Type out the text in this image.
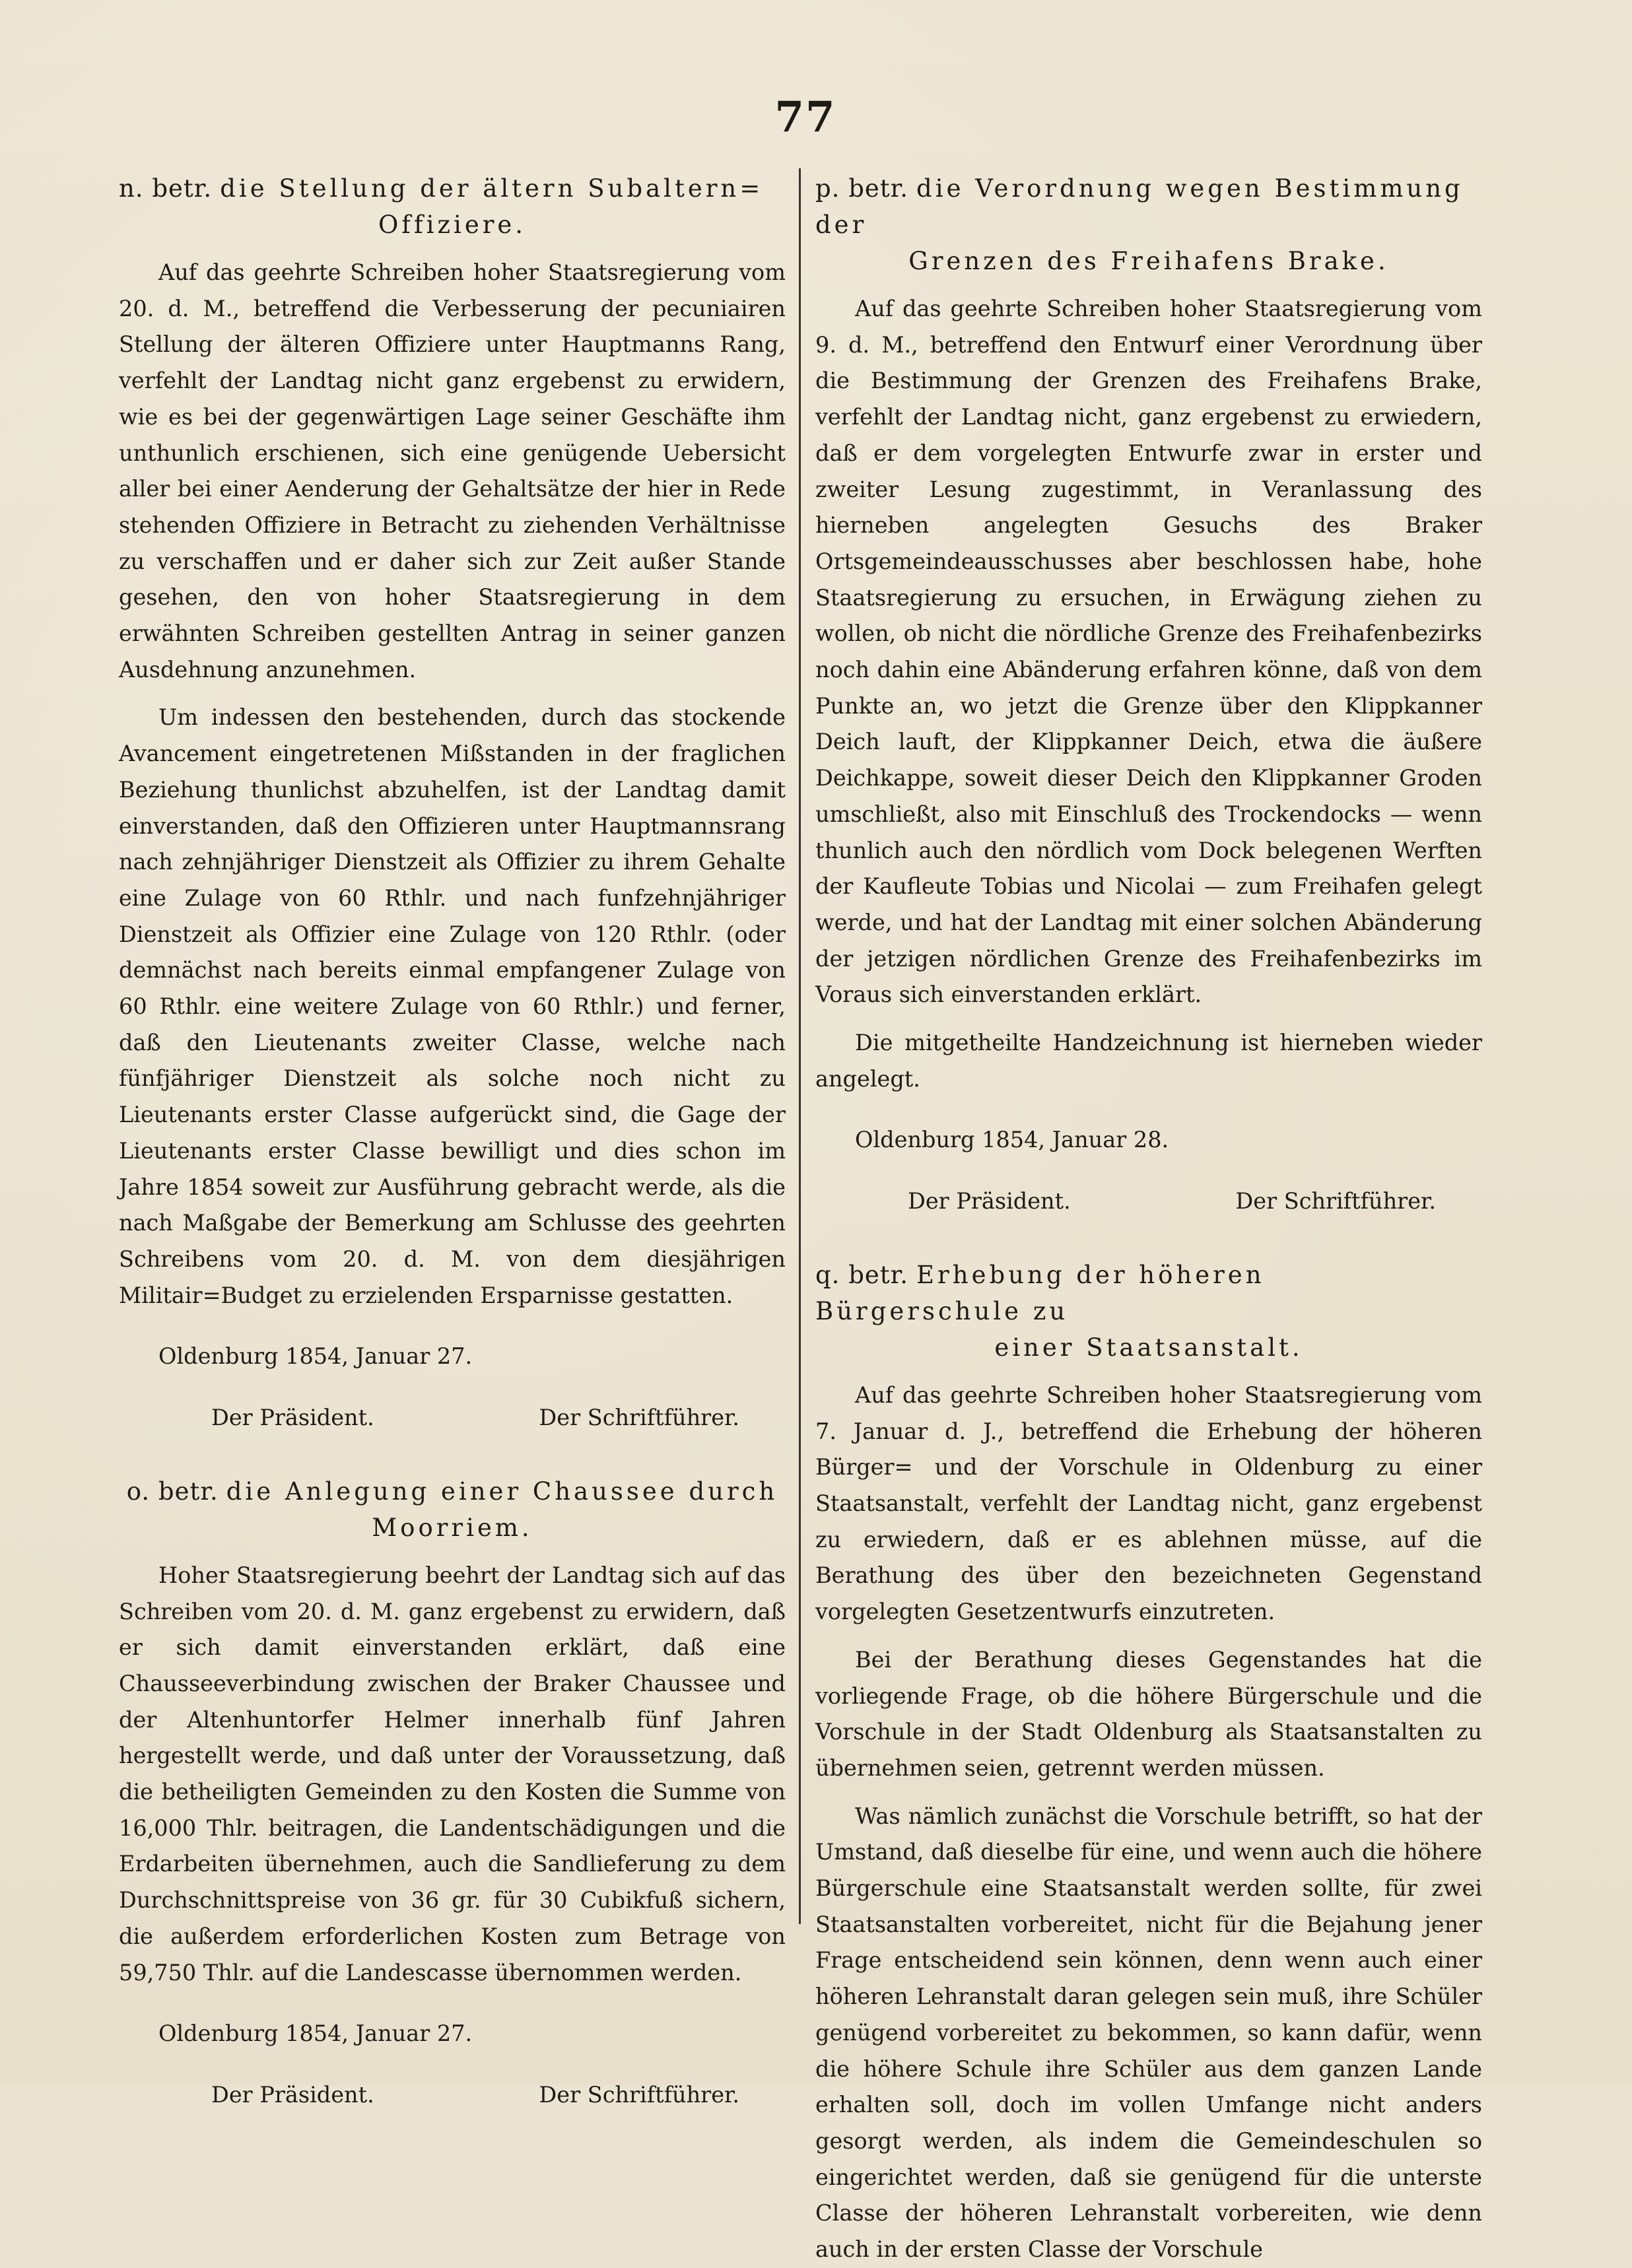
77
n. betr. die Stellung der ältern Subaltern=
Offiziere.

Auf das geehrte Schreiben hoher Staatsregierung vom 20. d. M., betreffend die Verbesserung der pecuniairen Stellung der älteren Offiziere unter Hauptmanns Rang, verfehlt der Landtag nicht ganz ergebenst zu erwidern, wie es bei der gegenwärtigen Lage seiner Geschäfte ihm unthunlich erschienen, sich eine genügende Uebersicht aller bei einer Aenderung der Gehaltsätze der hier in Rede stehenden Offiziere in Betracht zu ziehenden Verhältnisse zu verschaffen und er daher sich zur Zeit außer Stande gesehen, den von hoher Staatsregierung in dem erwähnten Schreiben gestellten Antrag in seiner ganzen Ausdehnung anzunehmen.

Um indessen den bestehenden, durch das stockende Avancement eingetretenen Mißstanden in der fraglichen Beziehung thunlichst abzuhelfen, ist der Landtag damit einverstanden, daß den Offizieren unter Hauptmannsrang nach zehnjähriger Dienstzeit als Offizier zu ihrem Gehalte eine Zulage von 60 Rthlr. und nach funfzehnjähriger Dienstzeit als Offizier eine Zulage von 120 Rthlr. (oder demnächst nach bereits einmal empfangener Zulage von 60 Rthlr. eine weitere Zulage von 60 Rthlr.) und ferner, daß den Lieutenants zweiter Classe, welche nach fünfjähriger Dienstzeit als solche noch nicht zu Lieutenants erster Classe aufgerückt sind, die Gage der Lieutenants erster Classe bewilligt und dies schon im Jahre 1854 soweit zur Ausführung gebracht werde, als die nach Maßgabe der Bemerkung am Schlusse des geehrten Schreibens vom 20. d. M. von dem diesjährigen Militair=Budget zu erzielenden Ersparnisse gestatten.

Oldenburg 1854, Januar 27.

Der Präsident.	Der Schriftführer.
o. betr. die Anlegung einer Chaussee durch
Moorriem.

Hoher Staatsregierung beehrt der Landtag sich auf das Schreiben vom 20. d. M. ganz ergebenst zu erwidern, daß er sich damit einverstanden erklärt, daß eine Chausseeverbindung zwischen der Braker Chaussee und der Altenhuntorfer Helmer innerhalb fünf Jahren hergestellt werde, und daß unter der Voraussetzung, daß die betheiligten Gemeinden zu den Kosten die Summe von 16,000 Thlr. beitragen, die Landentschädigungen und die Erdarbeiten übernehmen, auch die Sandlieferung zu dem Durchschnittspreise von 36 gr. für 30 Cubikfuß sichern, die außerdem erforderlichen Kosten zum Betrage von 59,750 Thlr. auf die Landescasse übernommen werden.

Oldenburg 1854, Januar 27.

Der Präsident.	Der Schriftführer.
p. betr. die Verordnung wegen Bestimmung der
Grenzen des Freihafens Brake.

Auf das geehrte Schreiben hoher Staatsregierung vom 9. d. M., betreffend den Entwurf einer Verordnung über die Bestimmung der Grenzen des Freihafens Brake, verfehlt der Landtag nicht, ganz ergebenst zu erwiedern, daß er dem vorgelegten Entwurfe zwar in erster und zweiter Lesung zugestimmt, in Veranlassung des hierneben angelegten Gesuchs des Braker Ortsgemeindeausschusses aber beschlossen habe, hohe Staatsregierung zu ersuchen, in Erwägung ziehen zu wollen, ob nicht die nördliche Grenze des Freihafenbezirks noch dahin eine Abänderung erfahren könne, daß von dem Punkte an, wo jetzt die Grenze über den Klippkanner Deich lauft, der Klippkanner Deich, etwa die äußere Deichkappe, soweit dieser Deich den Klippkanner Groden umschließt, also mit Einschluß des Trockendocks — wenn thunlich auch den nördlich vom Dock belegenen Werften der Kaufleute Tobias und Nicolai — zum Freihafen gelegt werde, und hat der Landtag mit einer solchen Abänderung der jetzigen nördlichen Grenze des Freihafenbezirks im Voraus sich einverstanden erklärt.

Die mitgetheilte Handzeichnung ist hierneben wieder angelegt.

Oldenburg 1854, Januar 28.

Der Präsident.	Der Schriftführer.
q. betr. Erhebung der höheren Bürgerschule zu
einer Staatsanstalt.

Auf das geehrte Schreiben hoher Staatsregierung vom 7. Januar d. J., betreffend die Erhebung der höheren Bürger= und der Vorschule in Oldenburg zu einer Staatsanstalt, verfehlt der Landtag nicht, ganz ergebenst zu erwiedern, daß er es ablehnen müsse, auf die Berathung des über den bezeichneten Gegenstand vorgelegten Gesetzentwurfs einzutreten.

Bei der Berathung dieses Gegenstandes hat die vorliegende Frage, ob die höhere Bürgerschule und die Vorschule in der Stadt Oldenburg als Staatsanstalten zu übernehmen seien, getrennt werden müssen.

Was nämlich zunächst die Vorschule betrifft, so hat der Umstand, daß dieselbe für eine, und wenn auch die höhere Bürgerschule eine Staatsanstalt werden sollte, für zwei Staatsanstalten vorbereitet, nicht für die Bejahung jener Frage entscheidend sein können, denn wenn auch einer höheren Lehranstalt daran gelegen sein muß, ihre Schüler genügend vorbereitet zu bekommen, so kann dafür, wenn die höhere Schule ihre Schüler aus dem ganzen Lande erhalten soll, doch im vollen Umfange nicht anders gesorgt werden, als indem die Gemeindeschulen so eingerichtet werden, daß sie genügend für die unterste Classe der höheren Lehranstalt vorbereiten, wie denn auch in der ersten Classe der Vorschule
